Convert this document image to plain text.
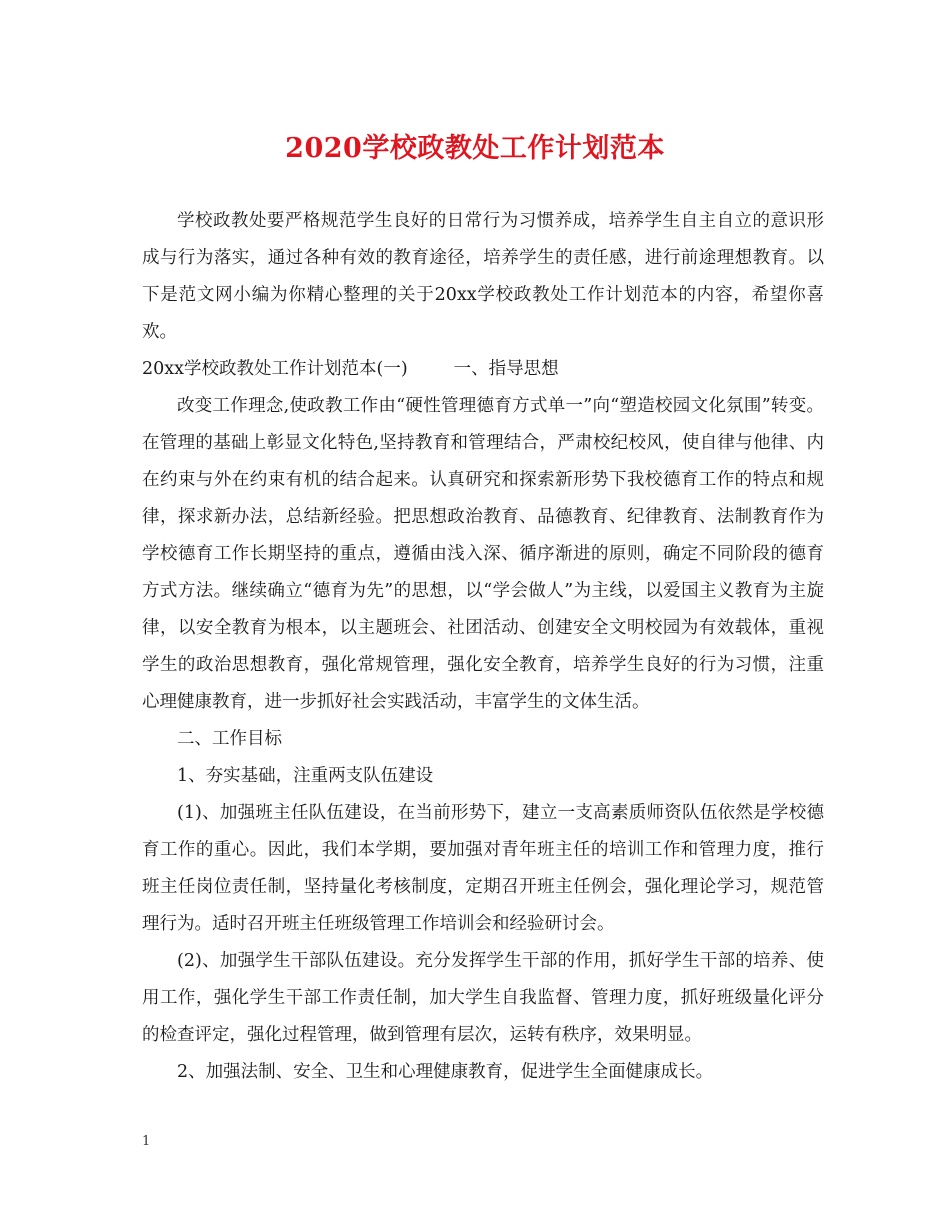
2020学校政教处工作计划范本

学校政教处要严格规范学生良好的日常行为习惯养成，培养学生自主自立的意识形成与行为落实，通过各种有效的教育途径，培养学生的责任感，进行前途理想教育。以下是范文网小编为你精心整理的关于20xx学校政教处工作计划范本的内容，希望你喜欢。

20xx学校政教处工作计划范本(一)	一、指导思想

改变工作理念,使政教工作由“硬性管理德育方式单一”向“塑造校园文化氛围”转变。在管理的基础上彰显文化特色,坚持教育和管理结合，严肃校纪校风，使自律与他律、内在约束与外在约束有机的结合起来。认真研究和探索新形势下我校德育工作的特点和规律，探求新办法，总结新经验。把思想政治教育、品德教育、纪律教育、法制教育作为学校德育工作长期坚持的重点，遵循由浅入深、循序渐进的原则，确定不同阶段的德育方式方法。继续确立“德育为先”的思想，以“学会做人”为主线，以爱国主义教育为主旋律，以安全教育为根本，以主题班会、社团活动、创建安全文明校园为有效载体，重视学生的政治思想教育，强化常规管理，强化安全教育，培养学生良好的行为习惯，注重心理健康教育，进一步抓好社会实践活动，丰富学生的文体生活。

二、工作目标

1、夯实基础，注重两支队伍建设

(1)、加强班主任队伍建设，在当前形势下，建立一支高素质师资队伍依然是学校德育工作的重心。因此，我们本学期，要加强对青年班主任的培训工作和管理力度，推行班主任岗位责任制，坚持量化考核制度，定期召开班主任例会，强化理论学习，规范管理行为。适时召开班主任班级管理工作培训会和经验研讨会。

(2)、加强学生干部队伍建设。充分发挥学生干部的作用，抓好学生干部的培养、使用工作，强化学生干部工作责任制，加大学生自我监督、管理力度，抓好班级量化评分的检查评定，强化过程管理，做到管理有层次，运转有秩序，效果明显。

2、加强法制、安全、卫生和心理健康教育，促进学生全面健康成长。

1
